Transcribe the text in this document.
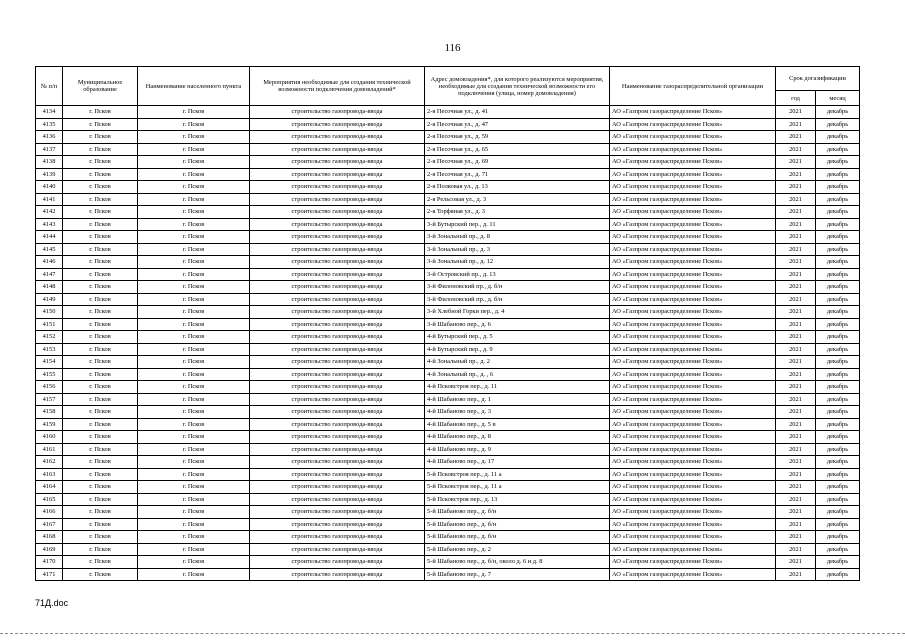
116
№ п/п	Муниципальное образование	Наименование населенного пункта	Мероприятия необходимые для создания технической возможности подключения домовладений*	Адрес домовладения*, для которого реализуются мероприятия, необходимые для создания технической возможности его подключения (улица, номер домовладения)	Наименование газораспределительной организации	Срок догазификации	
						год	месяц
4134	г. Псков	г. Псков	строительство газопровода-ввода	2-я Песочная ул., д. 41	АО «Газпром газораспределение Псков»	2021	декабрь
4135	г. Псков	г. Псков	строительство газопровода-ввода	2-я Песочная ул., д. 47	АО «Газпром газораспределение Псков»	2021	декабрь
4136	г. Псков	г. Псков	строительство газопровода-ввода	2-я Песочная ул., д. 59	АО «Газпром газораспределение Псков»	2021	декабрь
4137	г. Псков	г. Псков	строительство газопровода-ввода	2-я Песочная ул., д. 65	АО «Газпром газораспределение Псков»	2021	декабрь
4138	г. Псков	г. Псков	строительство газопровода-ввода	2-я Песочная ул., д. 69	АО «Газпром газораспределение Псков»	2021	декабрь
4139	г. Псков	г. Псков	строительство газопровода-ввода	2-я Песочная ул., д. 71	АО «Газпром газораспределение Псков»	2021	декабрь
4140	г. Псков	г. Псков	строительство газопровода-ввода	2-я Полковая ул., д. 13	АО «Газпром газораспределение Псков»	2021	декабрь
4141	г. Псков	г. Псков	строительство газопровода-ввода	2-я Рельсовая ул., д. 3	АО «Газпром газораспределение Псков»	2021	декабрь
4142	г. Псков	г. Псков	строительство газопровода-ввода	2-я Торфяная ул., д. 3	АО «Газпром газораспределение Псков»	2021	декабрь
4143	г. Псков	г. Псков	строительство газопровода-ввода	3-й Бутырский пер., д. 11	АО «Газпром газораспределение Псков»	2021	декабрь
4144	г. Псков	г. Псков	строительство газопровода-ввода	3-й Зональный пр., д. 8	АО «Газпром газораспределение Псков»	2021	декабрь
4145	г. Псков	г. Псков	строительство газопровода-ввода	3-й Зональный пр., д. 3	АО «Газпром газораспределение Псков»	2021	декабрь
4146	г. Псков	г. Псков	строительство газопровода-ввода	3-й Зональный пр., д. 12	АО «Газпром газораспределение Псков»	2021	декабрь
4147	г. Псков	г. Псков	строительство газопровода-ввода	3-й Островский пр., д. 13	АО «Газпром газораспределение Псков»	2021	декабрь
4148	г. Псков	г. Псков	строительство газопровода-ввода	3-й Филоновский пр., д. б/н	АО «Газпром газораспределение Псков»	2021	декабрь
4149	г. Псков	г. Псков	строительство газопровода-ввода	3-й Филоновский пр., д. б/н	АО «Газпром газораспределение Псков»	2021	декабрь
4150	г. Псков	г. Псков	строительство газопровода-ввода	3-й Хлебной Горки пер., д. 4	АО «Газпром газораспределение Псков»	2021	декабрь
4151	г. Псков	г. Псков	строительство газопровода-ввода	3-й Шабаново пер., д. 6	АО «Газпром газораспределение Псков»	2021	декабрь
4152	г. Псков	г. Псков	строительство газопровода-ввода	4-й Бутырский пер., д. 5	АО «Газпром газораспределение Псков»	2021	декабрь
4153	г. Псков	г. Псков	строительство газопровода-ввода	4-й Бутырский пер., д. 9	АО «Газпром газораспределение Псков»	2021	декабрь
4154	г. Псков	г. Псков	строительство газопровода-ввода	4-й Зональный пр., д. 2	АО «Газпром газораспределение Псков»	2021	декабрь
4155	г. Псков	г. Псков	строительство газопровода-ввода	4-й Зональный пр., д. , 6	АО «Газпром газораспределение Псков»	2021	декабрь
4156	г. Псков	г. Псков	строительство газопровода-ввода	4-й Псковстроя пер., д. 11	АО «Газпром газораспределение Псков»	2021	декабрь
4157	г. Псков	г. Псков	строительство газопровода-ввода	4-й Шабаново пер., д. 1	АО «Газпром газораспределение Псков»	2021	декабрь
4158	г. Псков	г. Псков	строительство газопровода-ввода	4-й Шабаново пер., д. 3	АО «Газпром газораспределение Псков»	2021	декабрь
4159	г. Псков	г. Псков	строительство газопровода-ввода	4-й Шабаново пер., д. 5 в	АО «Газпром газораспределение Псков»	2021	декабрь
4160	г. Псков	г. Псков	строительство газопровода-ввода	4-й Шабаново пер., д. 8	АО «Газпром газораспределение Псков»	2021	декабрь
4161	г. Псков	г. Псков	строительство газопровода-ввода	4-й Шабаново пер., д. 9	АО «Газпром газораспределение Псков»	2021	декабрь
4162	г. Псков	г. Псков	строительство газопровода-ввода	4-й Шабаново пер., д. 17	АО «Газпром газораспределение Псков»	2021	декабрь
4163	г. Псков	г. Псков	строительство газопровода-ввода	5-й Псковстроя пер., д. 11 а	АО «Газпром газораспределение Псков»	2021	декабрь
4164	г. Псков	г. Псков	строительство газопровода-ввода	5-й Псковстроя пер., д. 11 а	АО «Газпром газораспределение Псков»	2021	декабрь
4165	г. Псков	г. Псков	строительство газопровода-ввода	5-й Псковстроя пер., д. 13	АО «Газпром газораспределение Псков»	2021	декабрь
4166	г. Псков	г. Псков	строительство газопровода-ввода	5-й Шабаново пер., д. б/н	АО «Газпром газораспределение Псков»	2021	декабрь
4167	г. Псков	г. Псков	строительство газопровода-ввода	5-й Шабаново пер., д. б/н	АО «Газпром газораспределение Псков»	2021	декабрь
4168	г. Псков	г. Псков	строительство газопровода-ввода	5-й Шабаново пер., д. б/н	АО «Газпром газораспределение Псков»	2021	декабрь
4169	г. Псков	г. Псков	строительство газопровода-ввода	5-й Шабаново пер., д. 2	АО «Газпром газораспределение Псков»	2021	декабрь
4170	г. Псков	г. Псков	строительство газопровода-ввода	5-й Шабаново пер., д. б/н, около д. 6 и д. 8	АО «Газпром газораспределение Псков»	2021	декабрь
4171	г. Псков	г. Псков	строительство газопровода-ввода	5-й Шабаново пер., д. 7	АО «Газпром газораспределение Псков»	2021	декабрь
71Д.doc
